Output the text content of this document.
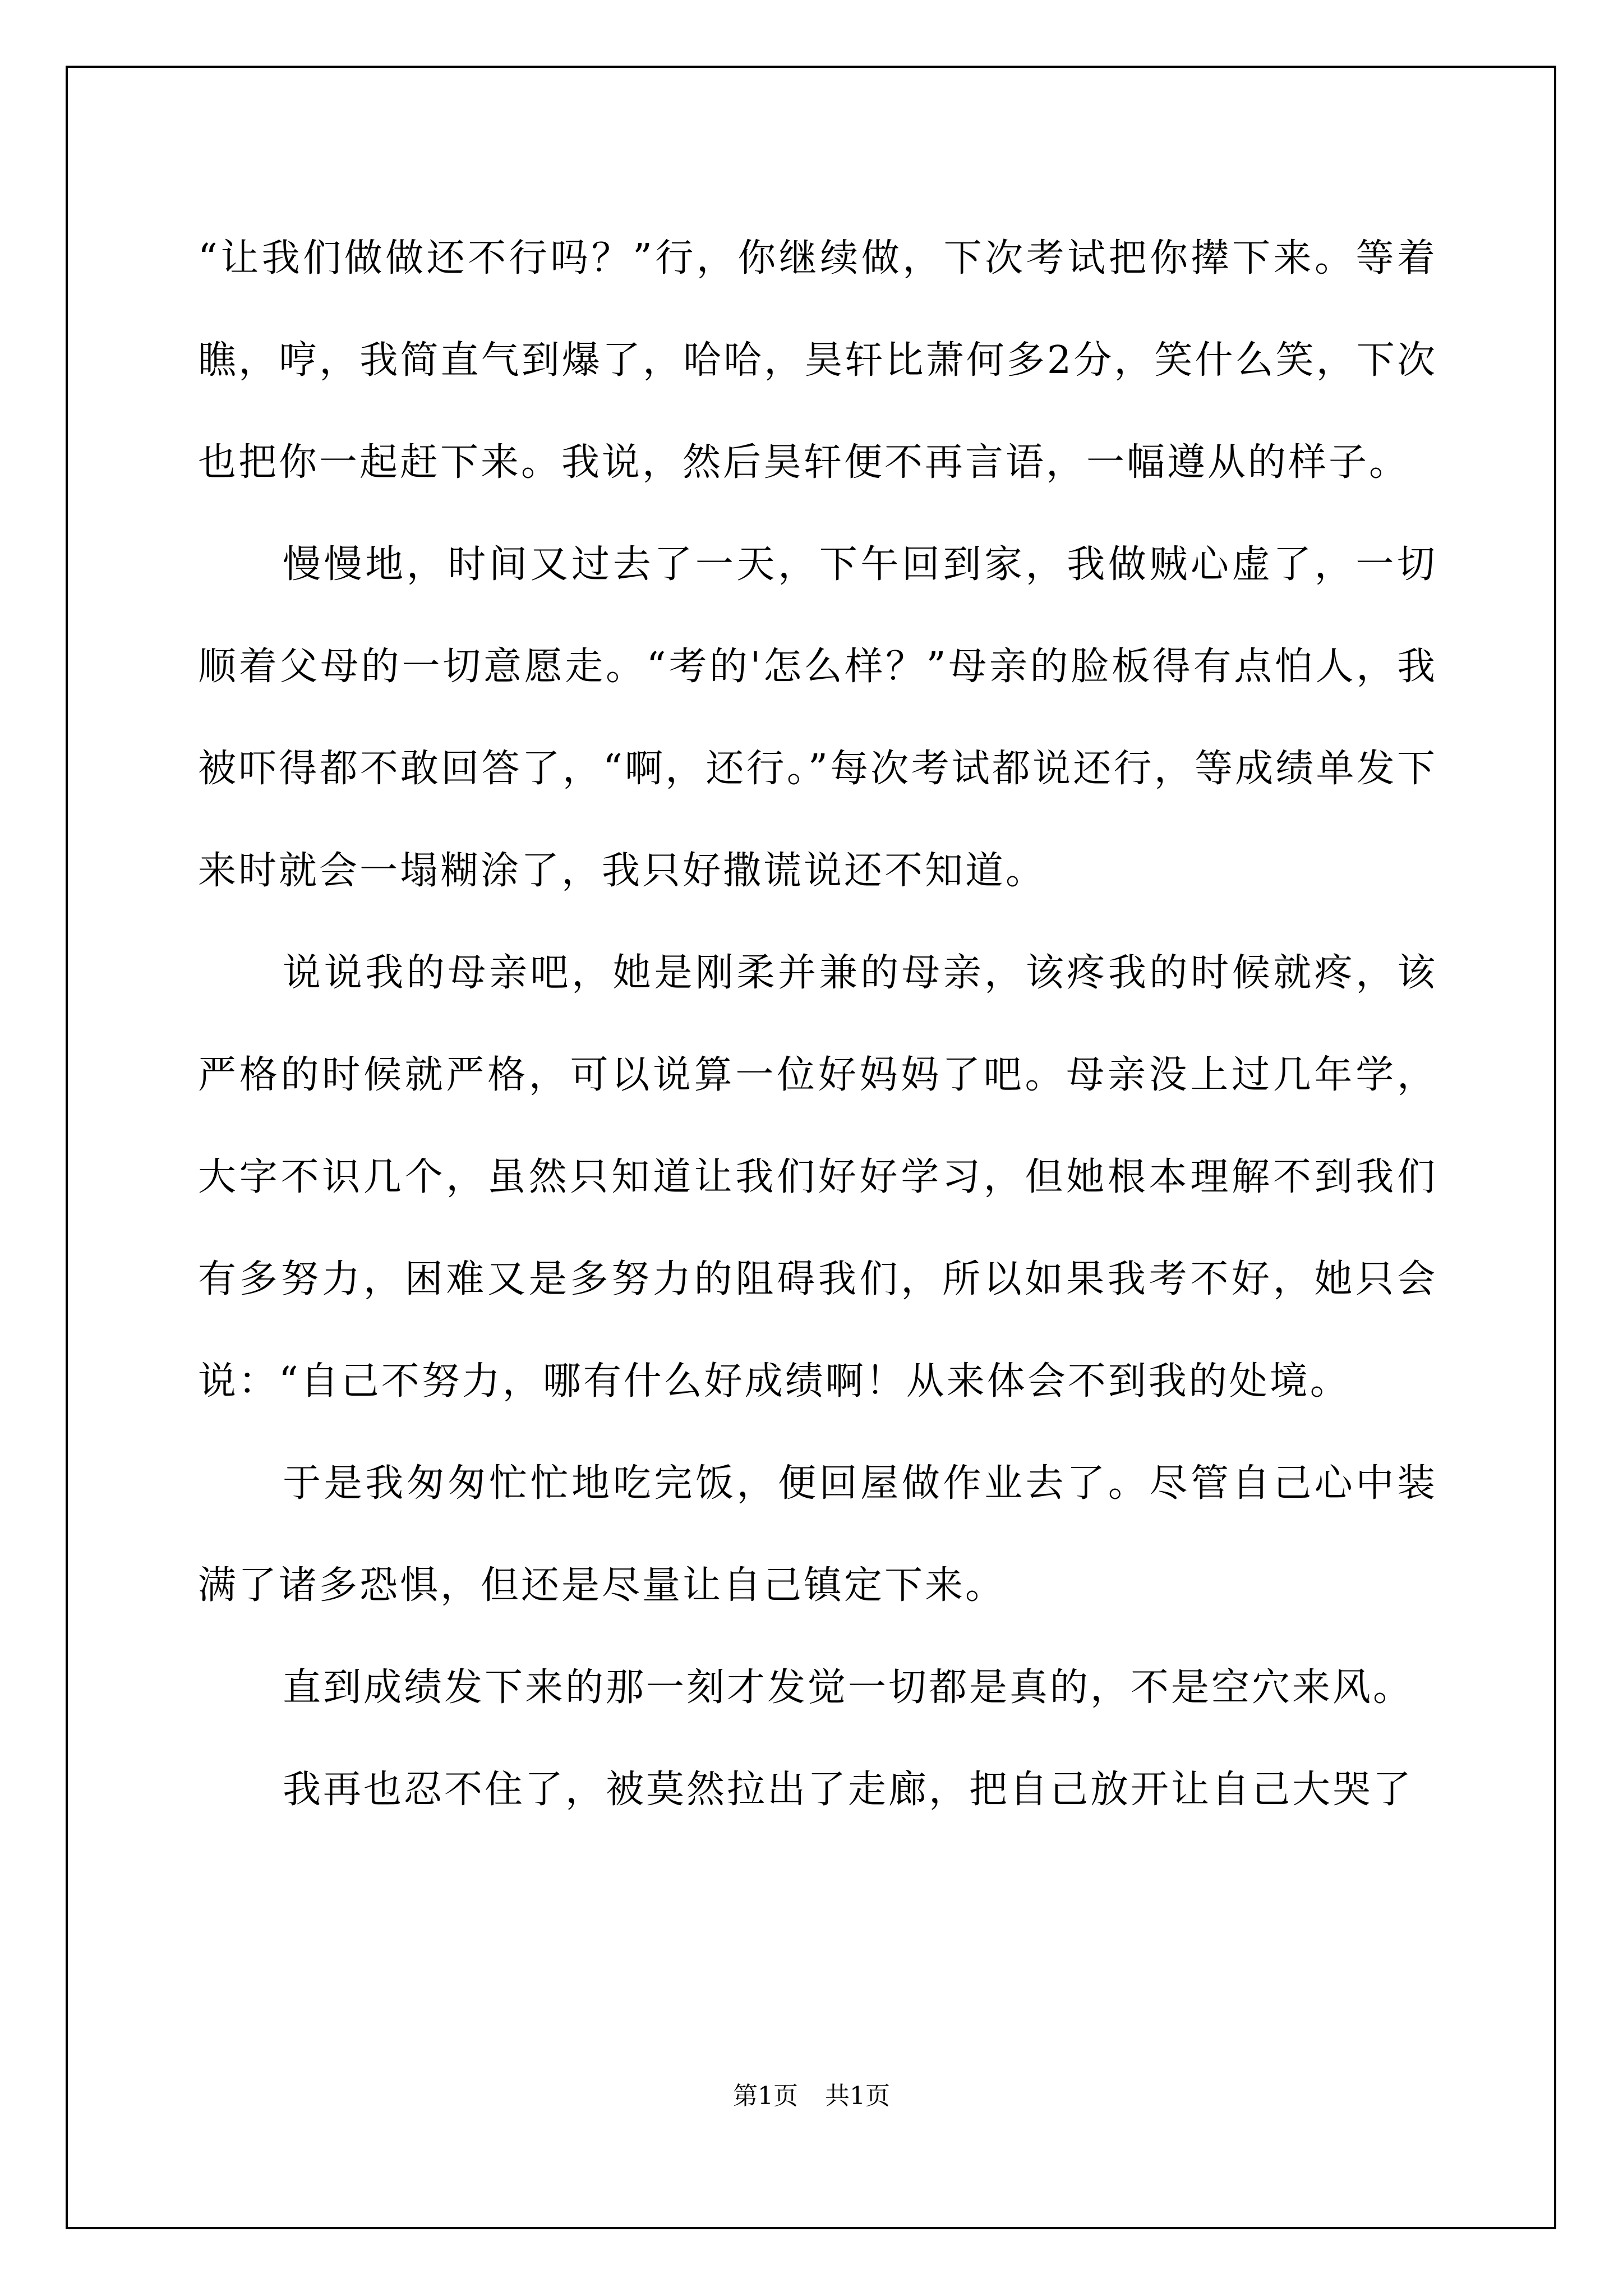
“让我们做做还不行吗？”行，你继续做，下次考试把你撵下来。等着瞧，哼，我简直气到爆了，哈哈，昊轩比萧何多2分，笑什么笑，下次也把你一起赶下来。我说，然后昊轩便不再言语，一幅遵从的样子。

慢慢地，时间又过去了一天，下午回到家，我做贼心虚了，一切顺着父母的一切意愿走。“考的'怎么样？”母亲的脸板得有点怕人，我被吓得都不敢回答了，“啊，还行。”每次考试都说还行，等成绩单发下来时就会一塌糊涂了，我只好撒谎说还不知道。

说说我的母亲吧，她是刚柔并兼的母亲，该疼我的时候就疼，该严格的时候就严格，可以说算一位好妈妈了吧。母亲没上过几年学，大字不识几个，虽然只知道让我们好好学习，但她根本理解不到我们有多努力，困难又是多努力的阻碍我们，所以如果我考不好，她只会说：“自己不努力，哪有什么好成绩啊！从来体会不到我的处境。

于是我匆匆忙忙地吃完饭，便回屋做作业去了。尽管自己心中装满了诸多恐惧，但还是尽量让自己镇定下来。

直到成绩发下来的那一刻才发觉一切都是真的，不是空穴来风。

我再也忍不住了，被莫然拉出了走廊，把自己放开让自己大哭了

第1页 共1页
